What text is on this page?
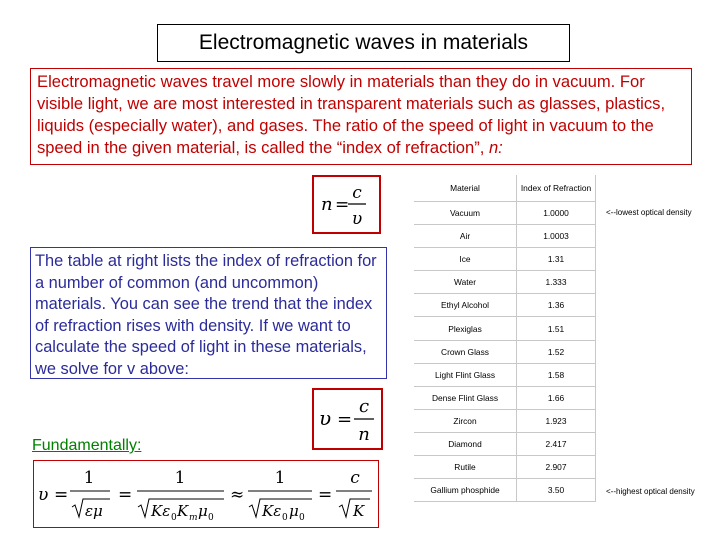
Electromagnetic waves in materials
Electromagnetic waves travel more slowly in materials than they do in vacuum. For visible light, we are most interested in transparent materials such as glasses, plastics, liquids (especially water), and gases. The ratio of the speed of light in vacuum to the speed in the given material, is called the “index of refraction”, n:
n =
c
υ
The table at right lists the index of refraction for a number of common (and uncommon) materials. You can see the trend that the index of refraction rises with density. If we want to calculate the speed of light in these materials, we solve for v above:
υ =
c
n
Fundamentally:
υ =
1
εμ
=
1
Kε 0 K m μ 0
≈
1
Kε 0 μ 0
=
c
K
Material	Index of Refraction
Vacuum	1.0000
Air	1.0003
Ice	1.31
Water	1.333
Ethyl Alcohol	1.36
Plexiglas	1.51
Crown Glass	1.52
Light Flint Glass	1.58
Dense Flint Glass	1.66
Zircon	1.923
Diamond	2.417
Rutile	2.907
Gallium phosphide	3.50
<--lowest optical density
<--highest optical density
